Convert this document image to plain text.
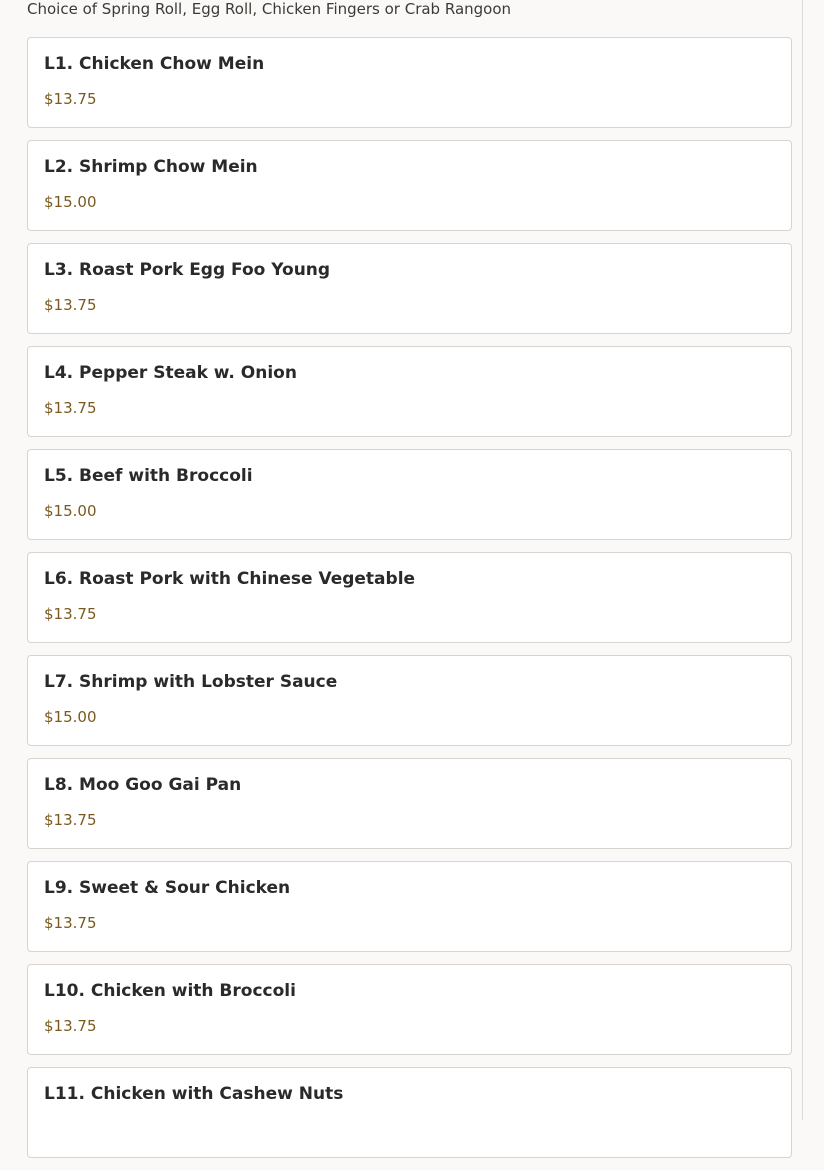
Choice of Spring Roll, Egg Roll, Chicken Fingers or Crab Rangoon
L1. Chicken Chow Mein
$13.75
L2. Shrimp Chow Mein
$15.00
L3. Roast Pork Egg Foo Young
$13.75
L4. Pepper Steak w. Onion
$13.75
L5. Beef with Broccoli
$15.00
L6. Roast Pork with Chinese Vegetable
$13.75
L7. Shrimp with Lobster Sauce
$15.00
L8. Moo Goo Gai Pan
$13.75
L9. Sweet & Sour Chicken
$13.75
L10. Chicken with Broccoli
$13.75
L11. Chicken with Cashew Nuts
